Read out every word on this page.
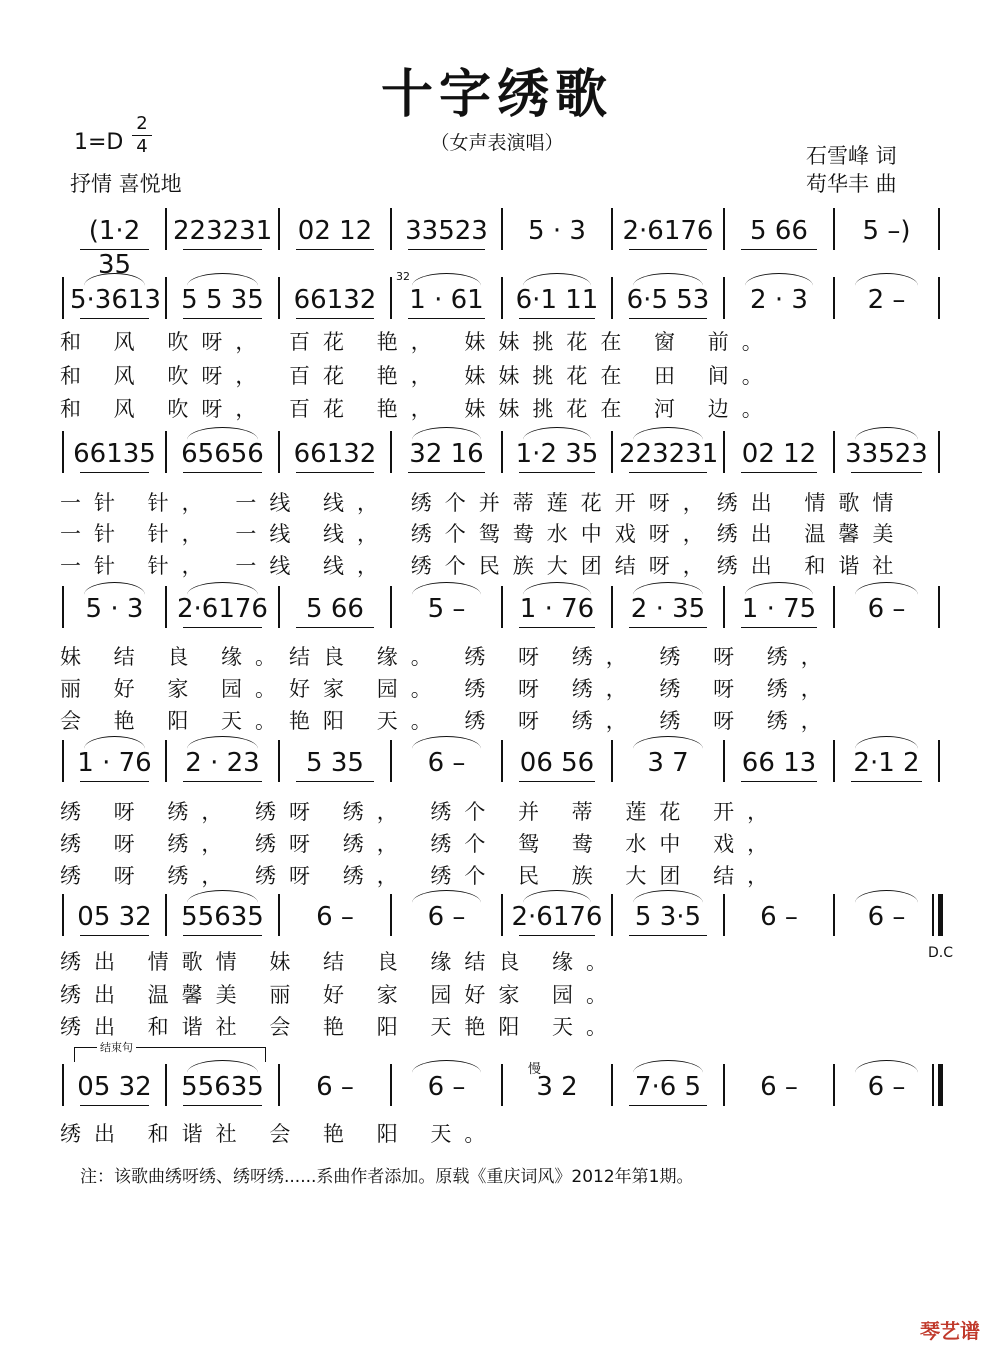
十字绣歌
（女声表演唱）
1=D
2
4
抒情 喜悦地
石雪峰 词
苟华丰 曲
(1·2 35
223231 02 12	33523	5 · 3	2·6176	5 66	5 –)
5·3613 5 5 35	66132	1 · 61	6·1 11 6·5 53	2 · 3	2 –
和 风 吹呀， 百花 艳， 妹妹挑花在 窗 前。
和 风 吹呀， 百花 艳， 妹妹挑花在 田 间。
和 风 吹呀， 百花 艳， 妹妹挑花在 河 边。
66135 65656	66132	32 16	1·2 35 223231 02 12	33523
一针 针， 一线 线， 绣个并蒂莲花开呀，绣出 情歌情
一针 针， 一线 线， 绣个鸳鸯水中戏呀，绣出 温馨美
一针 针， 一线 线， 绣个民族大团结呀，绣出 和谐社
5 · 3	2·6176	5 66	5 –	1 · 76	2 · 35	1 · 75	6 –
妹 结 良 缘。结良 缘。 绣 呀 绣， 绣 呀 绣，
丽 好 家 园。好家 园。 绣 呀 绣， 绣 呀 绣，
会 艳 阳 天。艳阳 天。 绣 呀 绣， 绣 呀 绣，
1 · 76	2 · 23	5 35	6 –	06 56	3 7	66 13	2·1 2
绣 呀 绣， 绣呀 绣， 绣个 并 蒂 莲花 开，
绣 呀 绣， 绣呀 绣， 绣个 鸳 鸯 水中 戏，
绣 呀 绣， 绣呀 绣， 绣个 民 族 大团 结，
05 32	55635	6 –	6 –	2·6176	5 3·5	6 –	6 –
绣出 情歌情 妹 结 良 缘结良 缘。
绣出 温馨美 丽 好 家 园好家 园。
绣出 和谐社 会 艳 阳 天艳阳 天。
05 32	55635	6 –	6 –	3 2	7·6 5	6 –	6 –
绣出 和谐社 会 艳 阳 天。
结束句
D.C
慢
32
注：该歌曲绣呀绣、绣呀绣......系曲作者添加。原载《重庆词风》2012年第1期。
琴艺谱
